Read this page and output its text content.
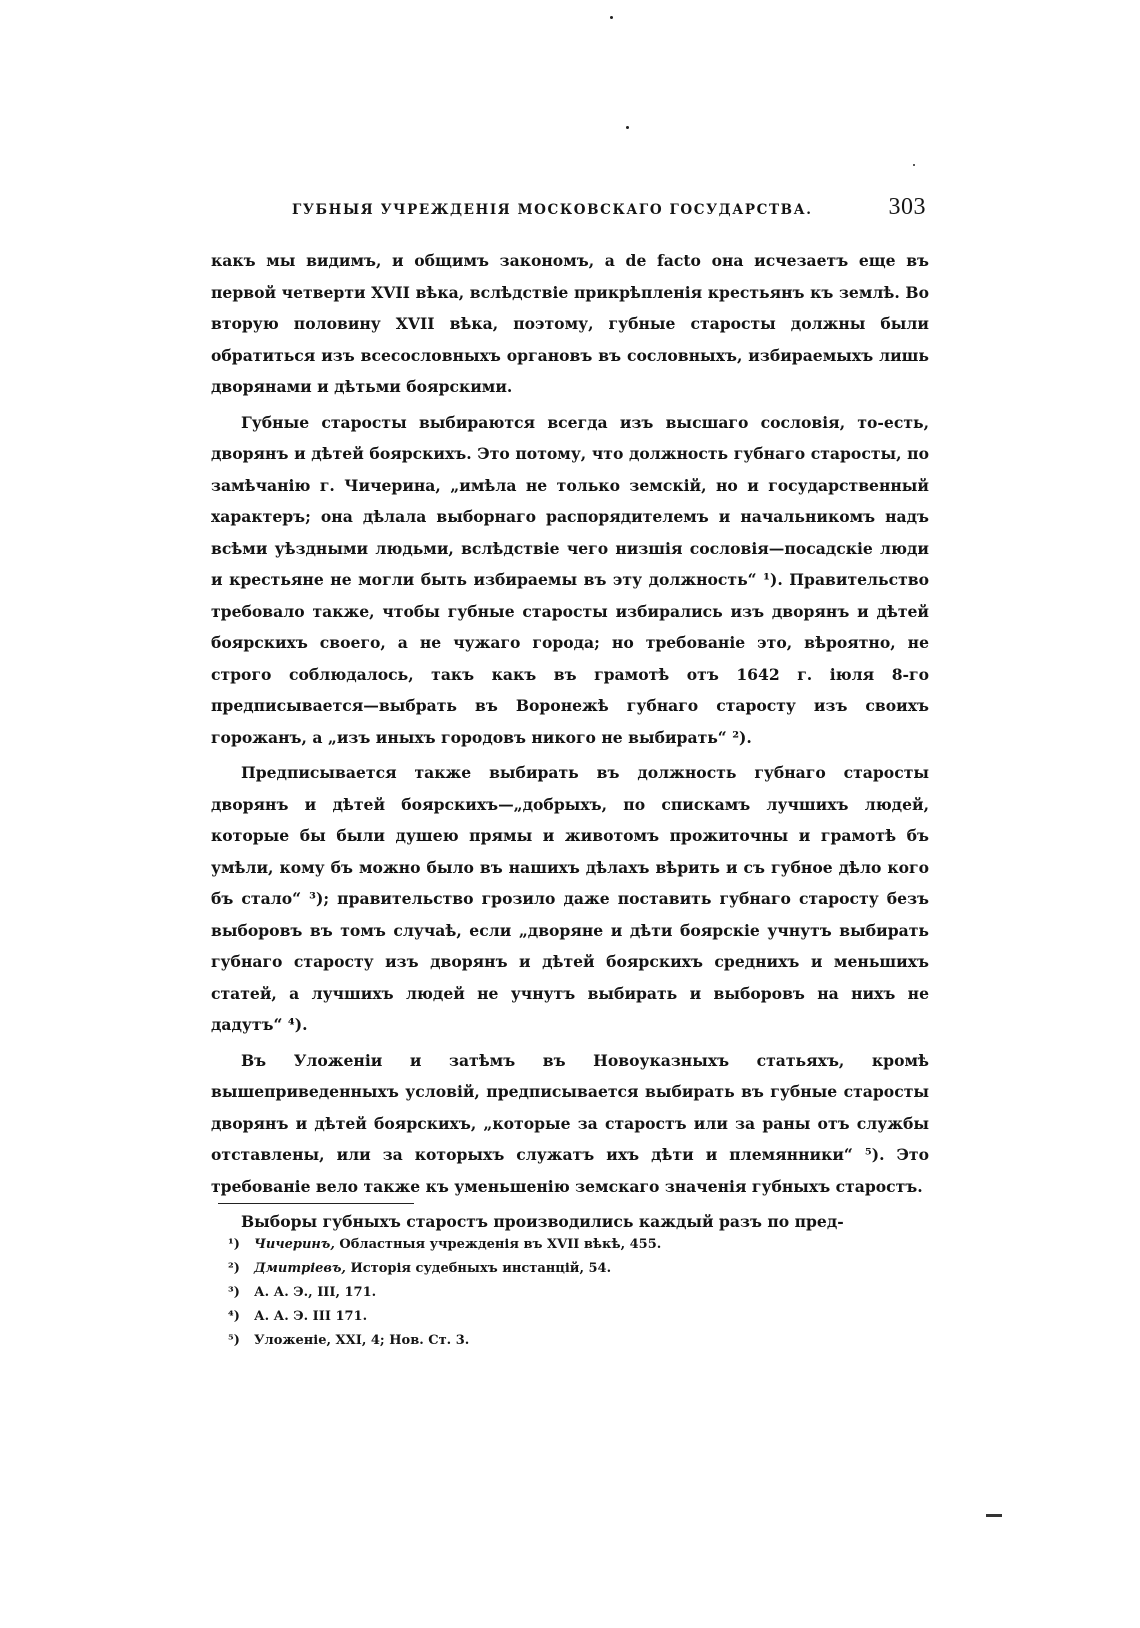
ГУБНЫЯ УЧРЕЖДЕНІЯ МОСКОВСКАГО ГОСУДАРСТВА.	303

какъ мы видимъ, и общимъ закономъ, а de facto она исчезаетъ еще въ первой четверти XVII вѣка, вслѣдствіе прикрѣпленія крестьянъ къ землѣ. Во вторую половину XVII вѣка, поэтому, губные старосты должны были обратиться изъ всесословныхъ органовъ въ сословныхъ, избираемыхъ лишь дворянами и дѣтьми боярскими.

Губные старосты выбираются всегда изъ высшаго сословія, то-есть, дворянъ и дѣтей боярскихъ. Это потому, что должность губнаго старосты, по замѣчанію г. Чичерина, „имѣла не только земскій, но и государственный характеръ; она дѣлала выборнаго распорядителемъ и начальникомъ надъ всѣми уѣздными людьми, вслѣдствіе чего низшія сословія—посадскіе люди и крестьяне не могли быть избираемы въ эту должность“ ¹). Правительство требовало также, чтобы губные старосты избирались изъ дворянъ и дѣтей боярскихъ своего, а не чужаго города; но требованіе это, вѣроятно, не строго соблюдалось, такъ какъ въ грамотѣ отъ 1642 г. іюля 8-го предписывается—выбрать въ Воронежѣ губнаго старосту изъ своихъ горожанъ, а „изъ иныхъ городовъ никого не выбирать“ ²).

Предписывается также выбирать въ должность губнаго старосты дворянъ и дѣтей боярскихъ—„добрыхъ, по спискамъ лучшихъ людей, которые бы были душею прямы и животомъ прожиточны и грамотѣ бъ умѣли, кому бъ можно было въ нашихъ дѣлахъ вѣрить и съ губное дѣло кого бъ стало“ ³); правительство грозило даже поставить губнаго старосту безъ выборовъ въ томъ случаѣ, если „дворяне и дѣти боярскіе учнутъ выбирать губнаго старосту изъ дворянъ и дѣтей боярскихъ среднихъ и меньшихъ статей, а лучшихъ людей не учнутъ выбирать и выборовъ на нихъ не дадутъ“ ⁴).

Въ Уложеніи и затѣмъ въ Новоуказныхъ статьяхъ, кромѣ вышеприведенныхъ условій, предписывается выбирать въ губные старосты дворянъ и дѣтей боярскихъ, „которые за старостъ или за раны отъ службы отставлены, или за которыхъ служатъ ихъ дѣти и племянники“ ⁵). Это требованіе вело также къ уменьшенію земскаго значенія губныхъ старостъ.

Выборы губныхъ старостъ производились каждый разъ по пред-

¹) Чичеринъ, Областныя учрежденія въ XVII вѣкѣ, 455.
²) Дмитріевъ, Исторія судебныхъ инстанцій, 54.
³) А. А. Э., III, 171.
⁴) А. А. Э. III 171.
⁵) Уложеніе, XXI, 4; Нов. Ст. 3.
